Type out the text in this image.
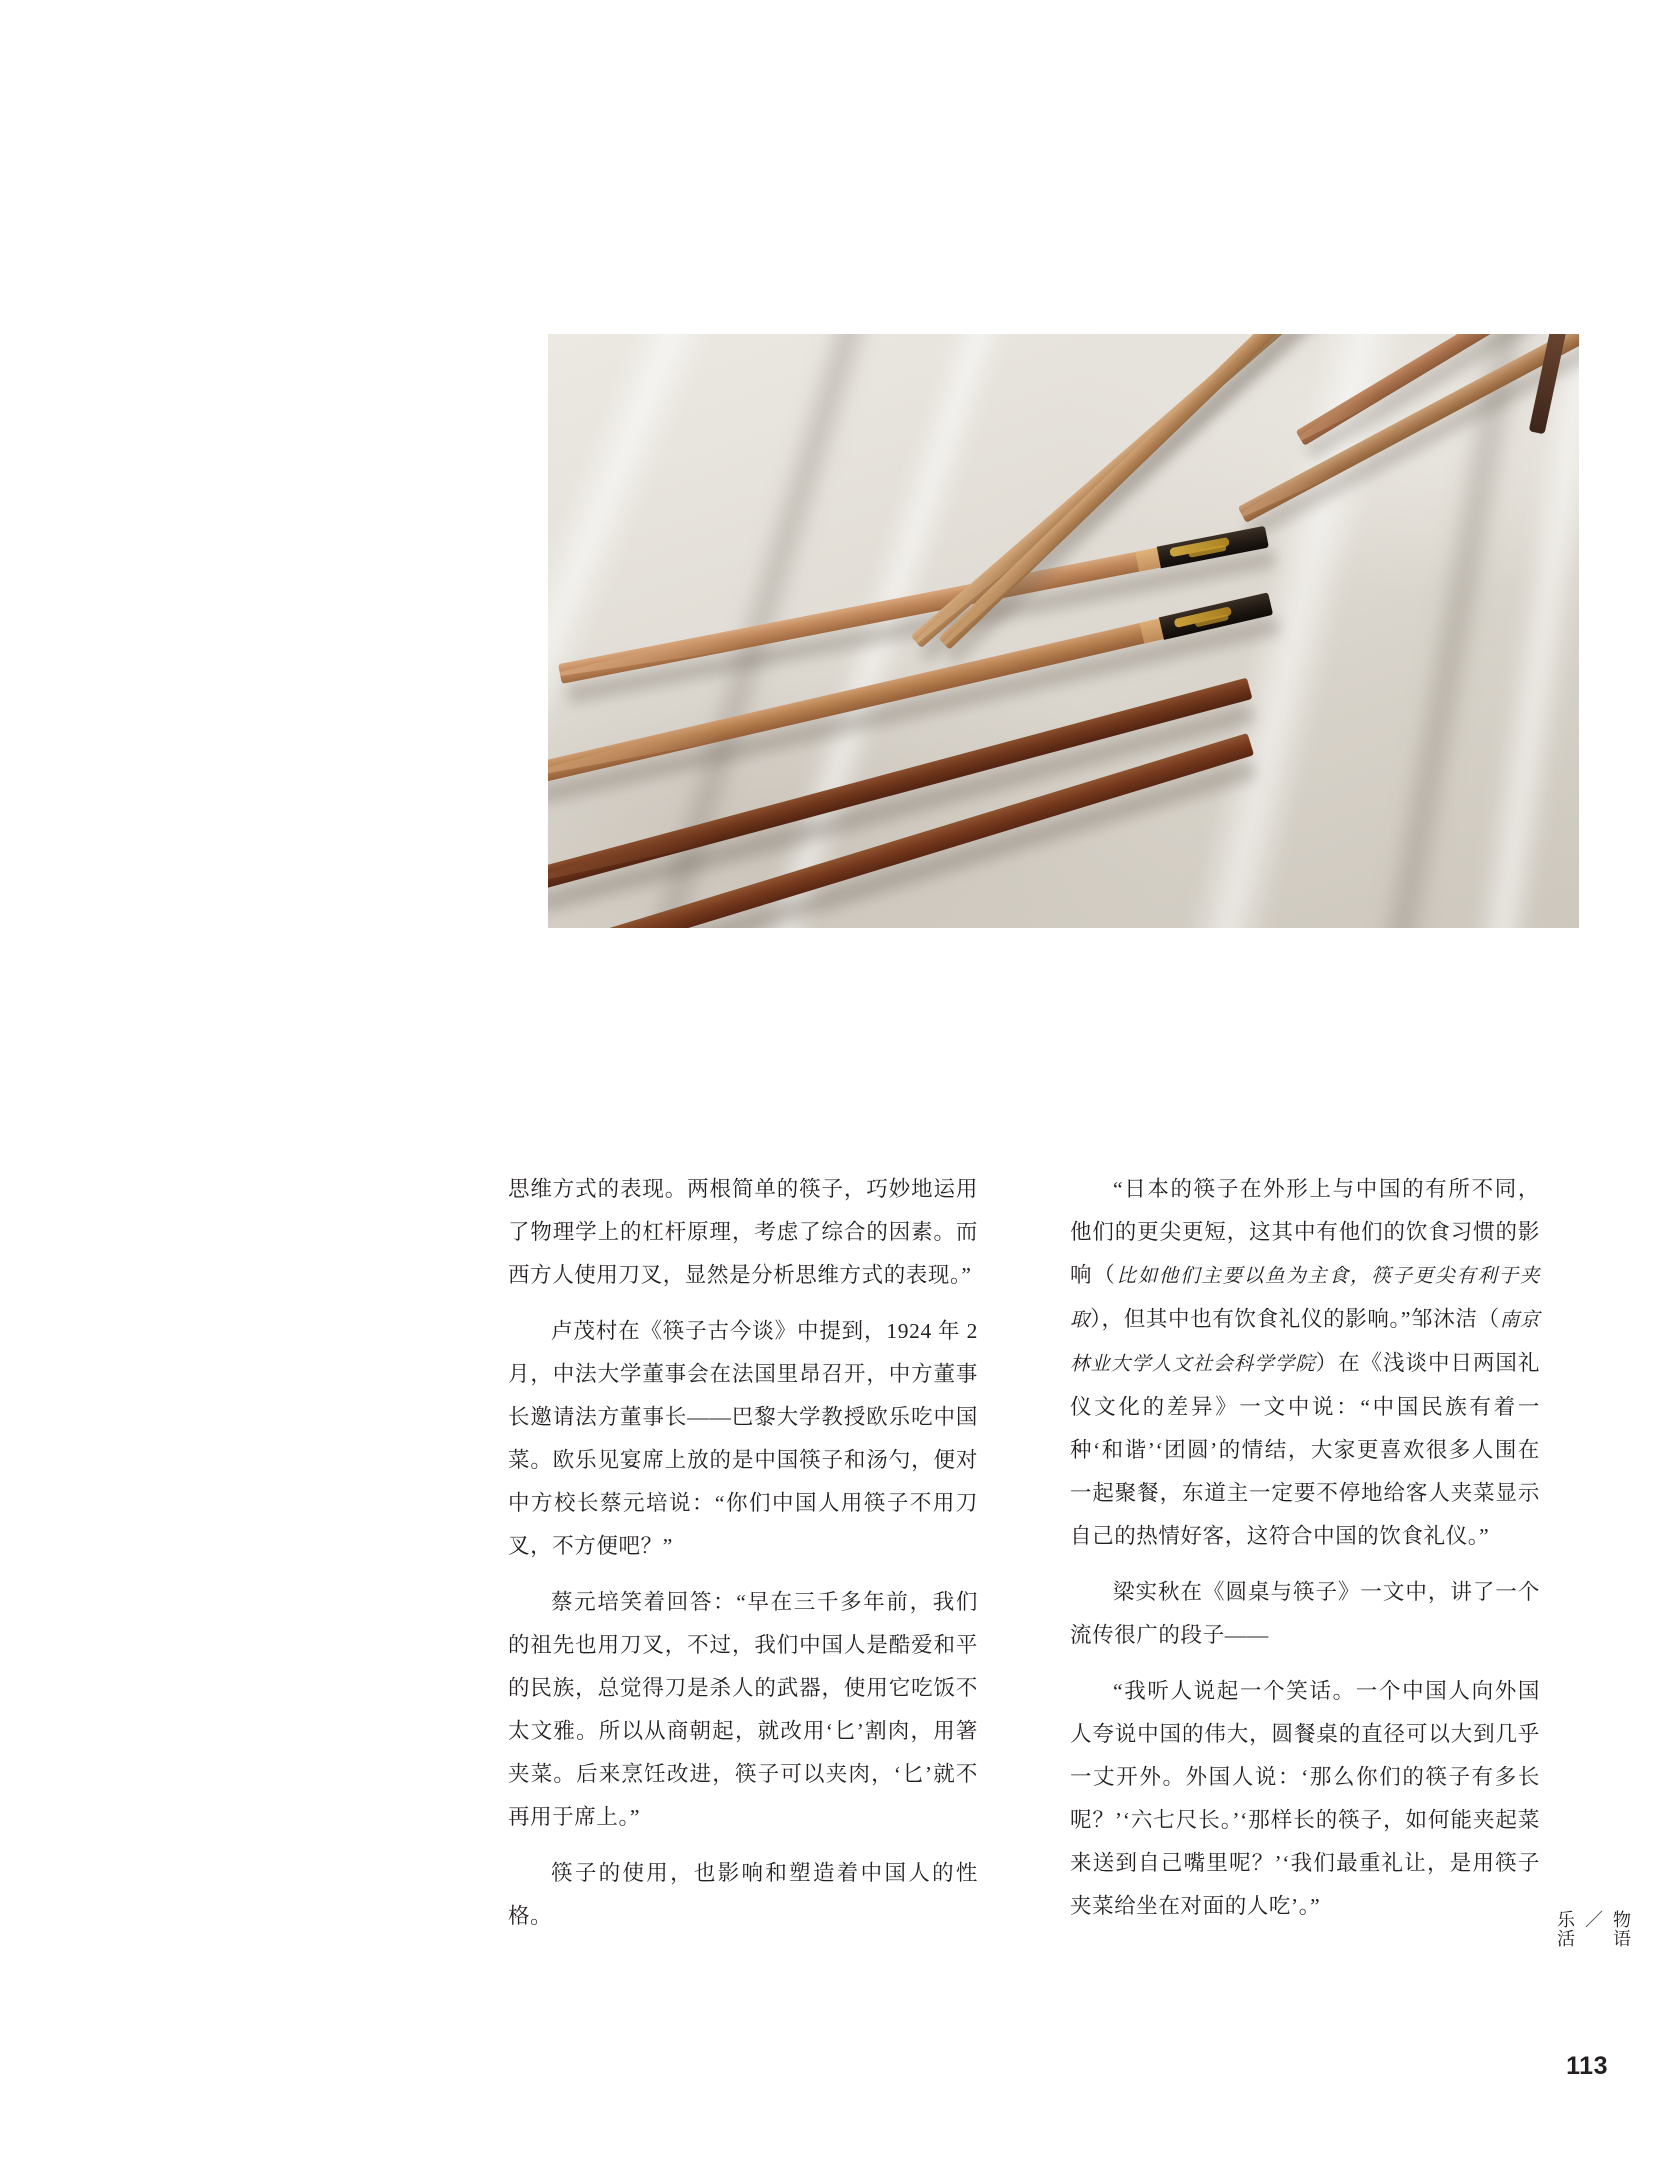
思维方式的表现。两根简单的筷子，巧妙地运用了物理学上的杠杆原理，考虑了综合的因素。而西方人使用刀叉，显然是分析思维方式的表现。”

卢茂村在《筷子古今谈》中提到，1924 年 2 月，中法大学董事会在法国里昂召开，中方董事长邀请法方董事长——巴黎大学教授欧乐吃中国菜。欧乐见宴席上放的是中国筷子和汤勺，便对中方校长蔡元培说：“你们中国人用筷子不用刀叉，不方便吧？”

蔡元培笑着回答：“早在三千多年前，我们的祖先也用刀叉，不过，我们中国人是酷爱和平的民族，总觉得刀是杀人的武器，使用它吃饭不太文雅。所以从商朝起，就改用‘匕’割肉，用箸夹菜。后来烹饪改进，筷子可以夹肉，‘匕’就不再用于席上。”

筷子的使用，也影响和塑造着中国人的性格。

“日本的筷子在外形上与中国的有所不同，他们的更尖更短，这其中有他们的饮食习惯的影响（比如他们主要以鱼为主食，筷子更尖有利于夹取），但其中也有饮食礼仪的影响。”邹沐洁（南京林业大学人文社会科学学院）在《浅谈中日两国礼仪文化的差异》一文中说：“中国民族有着一种‘和谐’‘团圆’的情结，大家更喜欢很多人围在一起聚餐，东道主一定要不停地给客人夹菜显示自己的热情好客，这符合中国的饮食礼仪。”

梁实秋在《圆桌与筷子》一文中，讲了一个流传很广的段子——

“我听人说起一个笑话。一个中国人向外国人夸说中国的伟大，圆餐桌的直径可以大到几乎一丈开外。外国人说：‘那么你们的筷子有多长呢？’‘六七尺长。’‘那样长的筷子，如何能夹起菜来送到自己嘴里呢？’‘我们最重礼让，是用筷子夹菜给坐在对面的人吃’。”

乐活 ／ 物语
113
